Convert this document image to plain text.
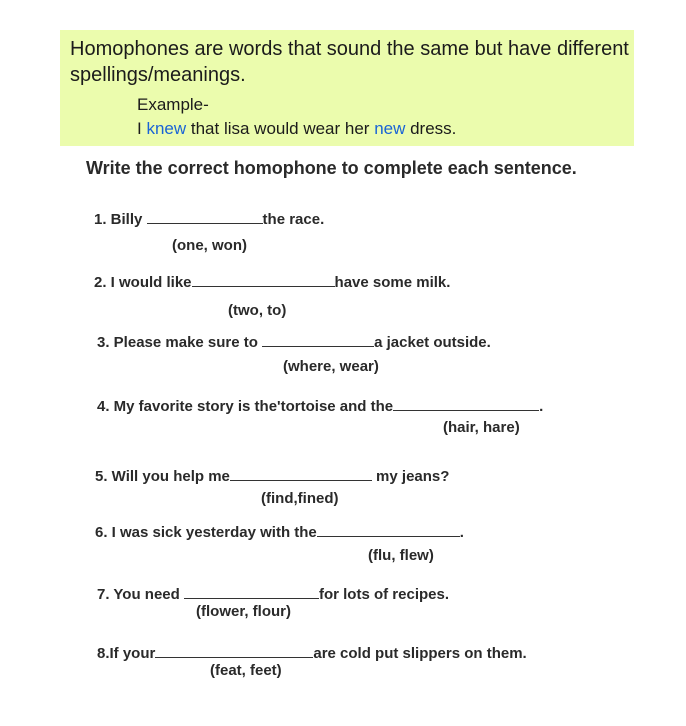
Homophones are words that sound the same but have different spellings/meanings.
Example-
I knew that lisa would wear her new dress.
Write the correct homophone to complete each sentence.
1. Billy	the race.
(one, won)
2. I would like	have some milk.
(two, to)
3. Please make sure to	a jacket outside.
(where, wear)
4. My favorite story is the'tortoise and the	.
(hair, hare)
5. Will you help me	my jeans?
(find,fined)
6. I was sick yesterday with the	.
(flu, flew)
7. You need	for lots of recipes.
(flower, flour)
8.If your	are cold put slippers on them.
(feat, feet)
